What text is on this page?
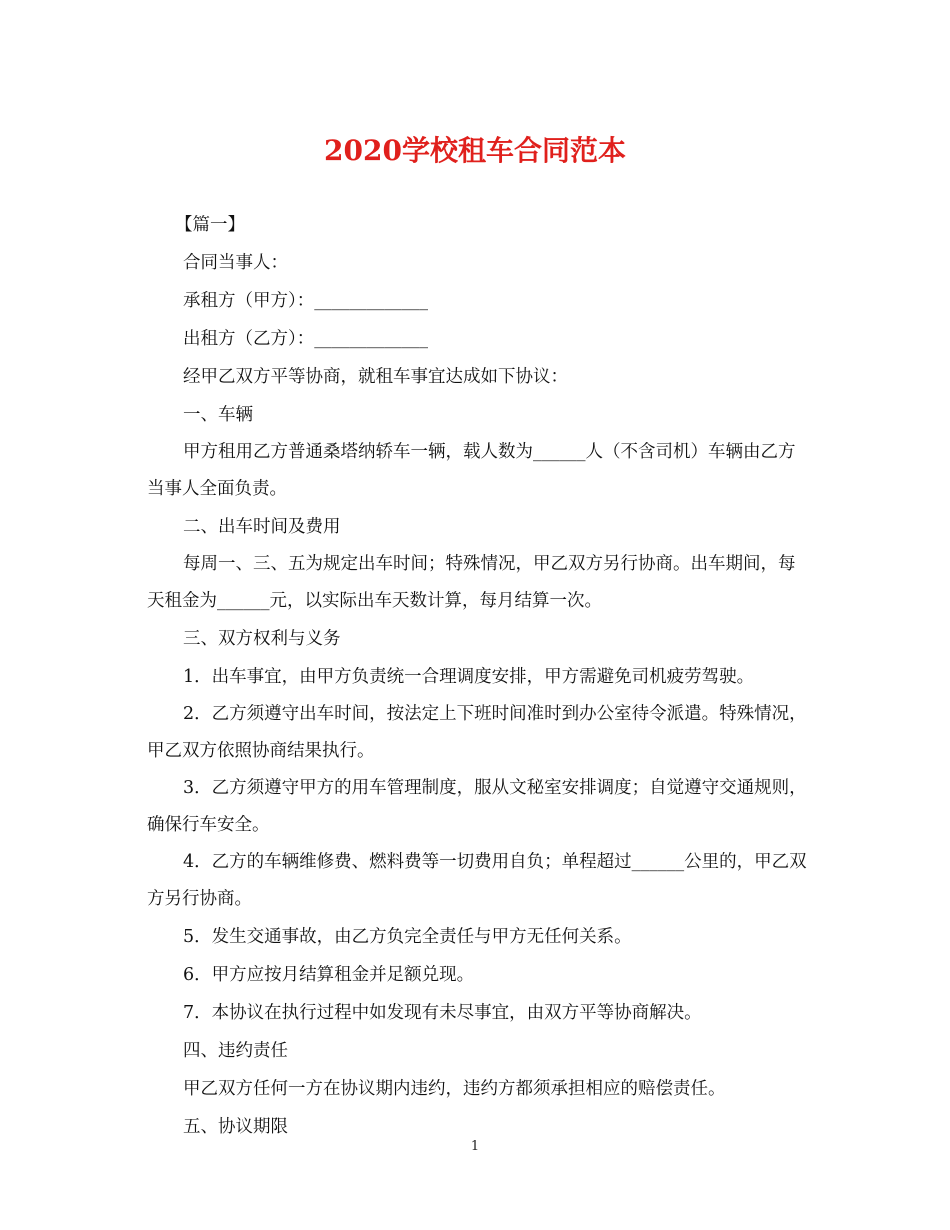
2020学校租车合同范本

【篇一】

合同当事人：

承租方（甲方）：_____________

出租方（乙方）：_____________

经甲乙双方平等协商，就租车事宜达成如下协议：

一、车辆

甲方租用乙方普通桑塔纳轿车一辆，载人数为______人（不含司机）车辆由乙方当事人全面负责。

二、出车时间及费用

每周一、三、五为规定出车时间；特殊情况，甲乙双方另行协商。出车期间，每天租金为______元，以实际出车天数计算，每月结算一次。

三、双方权利与义务

1．出车事宜，由甲方负责统一合理调度安排，甲方需避免司机疲劳驾驶。

2．乙方须遵守出车时间，按法定上下班时间准时到办公室待令派遣。特殊情况，甲乙双方依照协商结果执行。

3．乙方须遵守甲方的用车管理制度，服从文秘室安排调度；自觉遵守交通规则，确保行车安全。

4．乙方的车辆维修费、燃料费等一切费用自负；单程超过______公里的，甲乙双方另行协商。

5．发生交通事故，由乙方负完全责任与甲方无任何关系。

6．甲方应按月结算租金并足额兑现。

7．本协议在执行过程中如发现有未尽事宜，由双方平等协商解决。

四、违约责任

甲乙双方任何一方在协议期内违约，违约方都须承担相应的赔偿责任。

五、协议期限

1
